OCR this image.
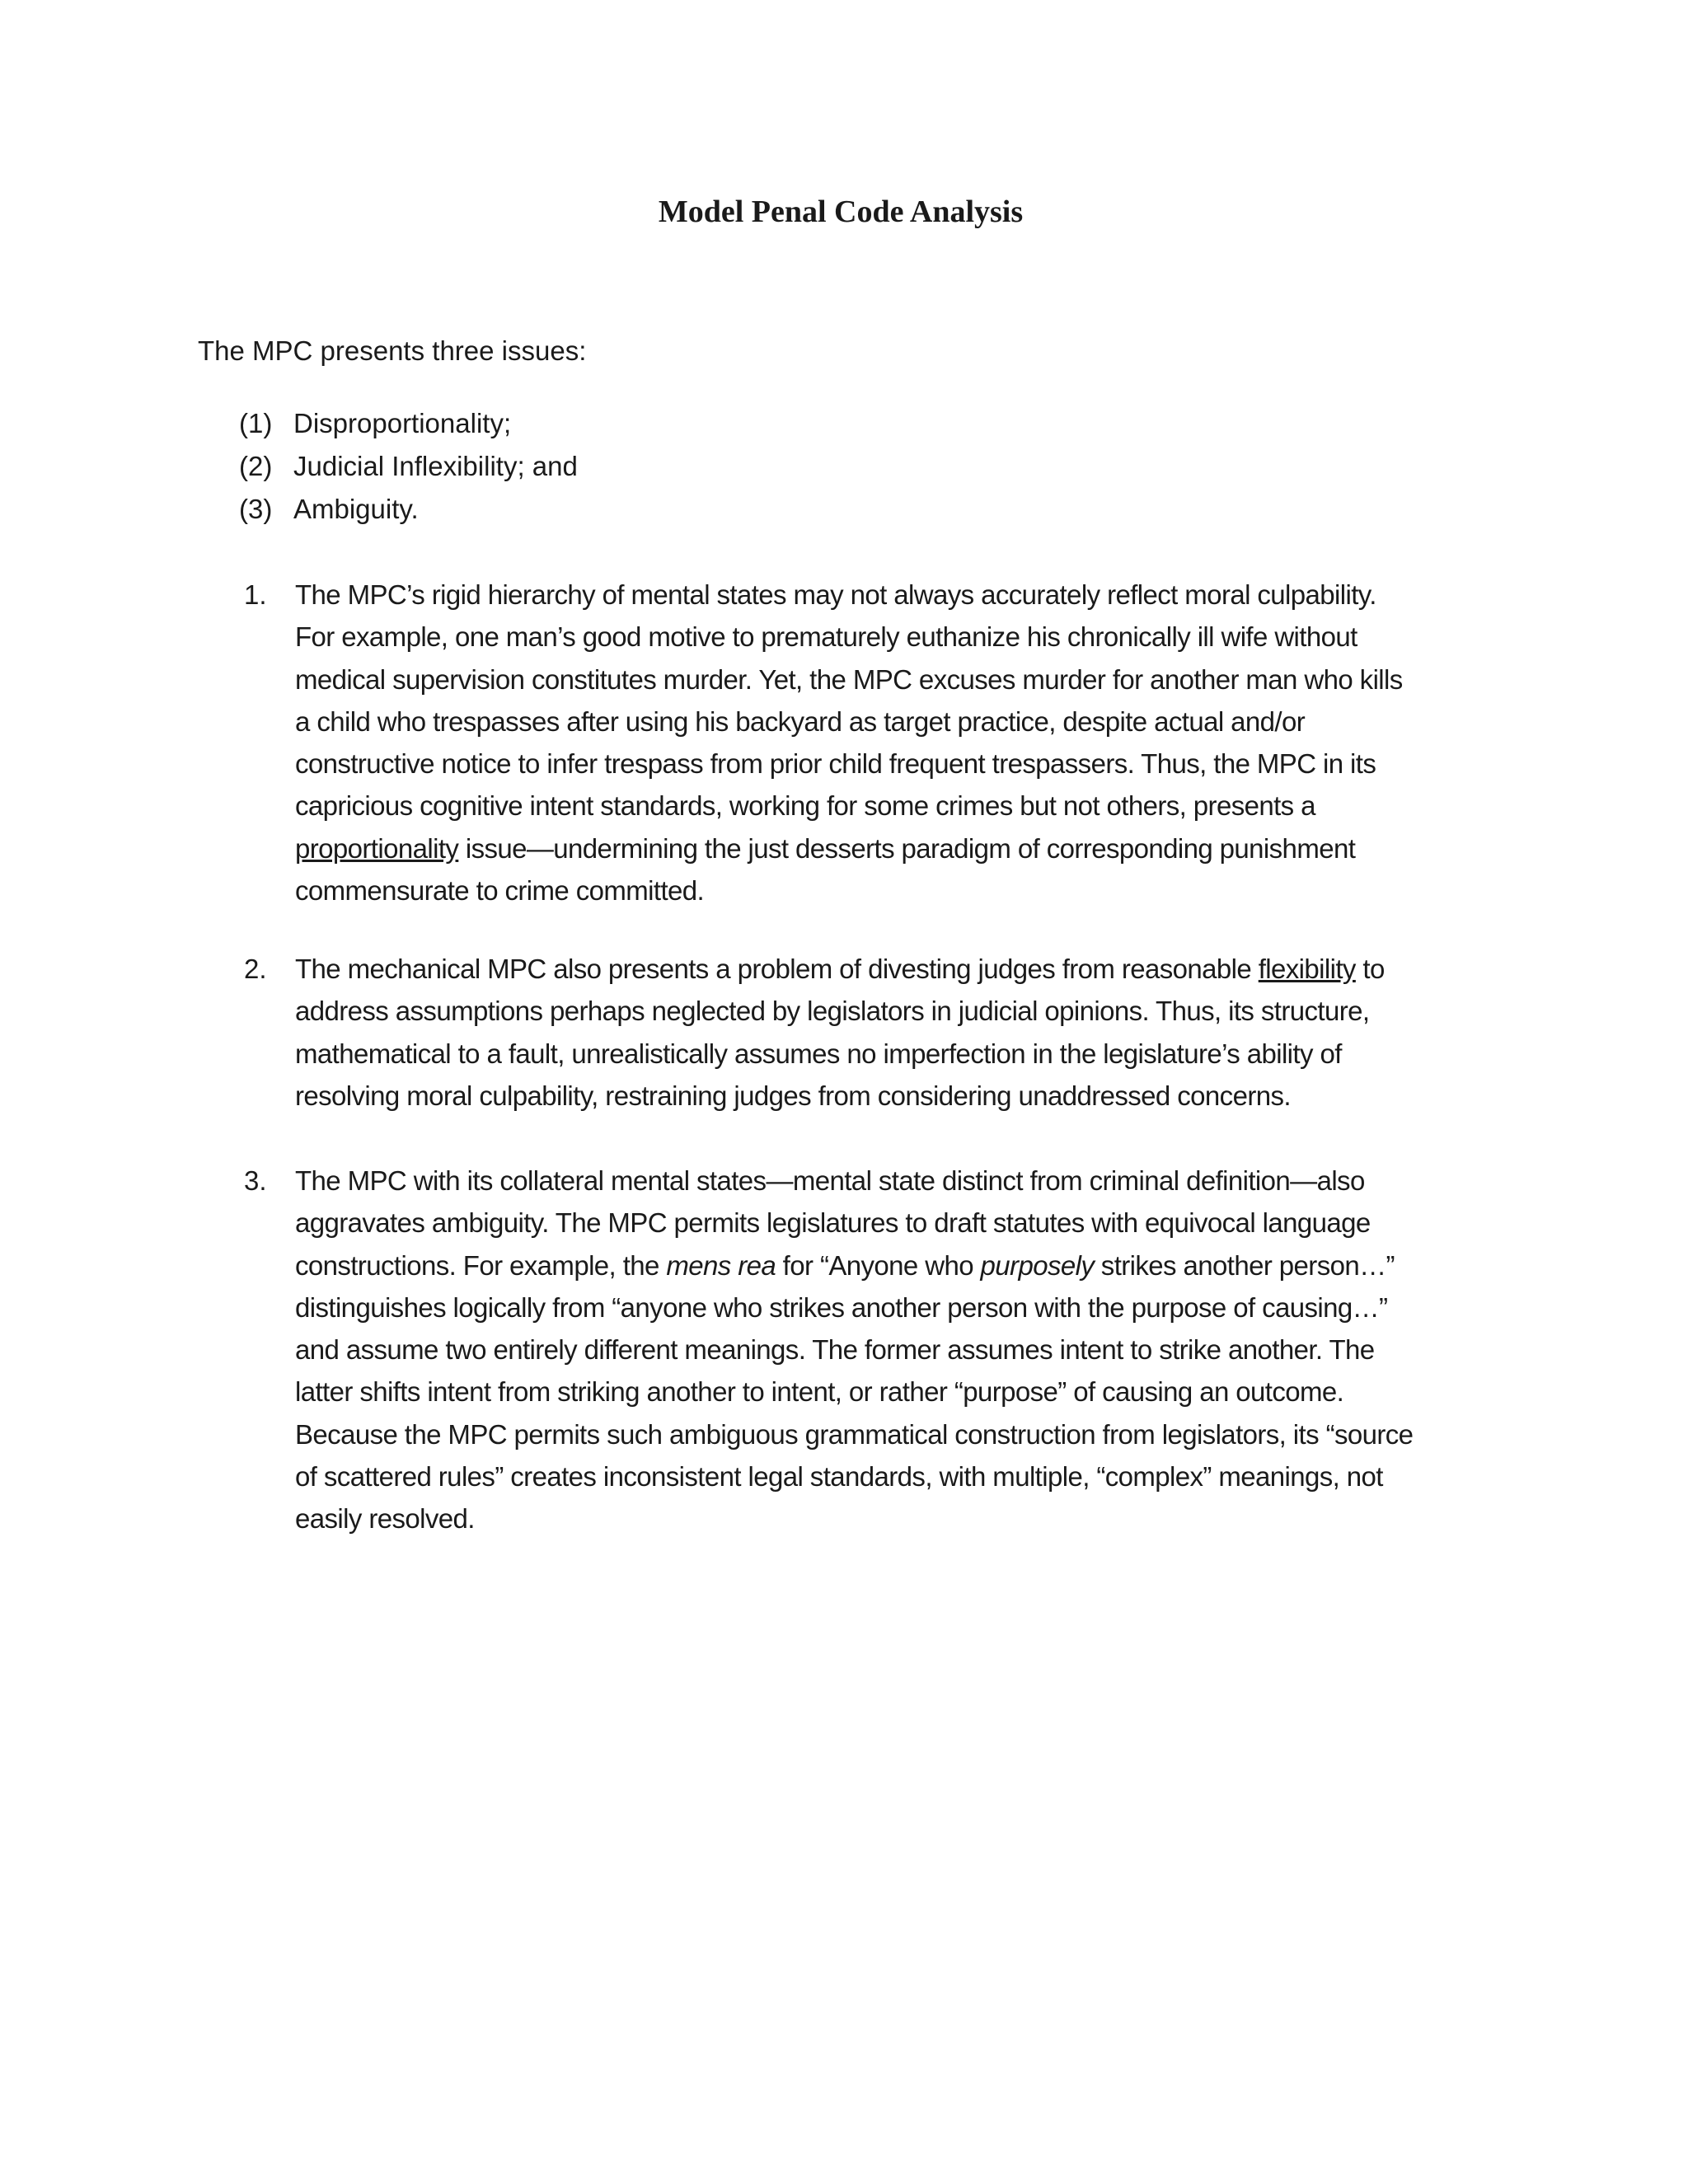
Model Penal Code Analysis
The MPC presents three issues:
(1) Disproportionality;
(2) Judicial Inflexibility; and
(3) Ambiguity.
1. The MPC’s rigid hierarchy of mental states may not always accurately reflect moral culpability.
For example, one man’s good motive to prematurely euthanize his chronically ill wife without
medical supervision constitutes murder. Yet, the MPC excuses murder for another man who kills
a child who trespasses after using his backyard as target practice, despite actual and/or
constructive notice to infer trespass from prior child frequent trespassers. Thus, the MPC in its
capricious cognitive intent standards, working for some crimes but not others, presents a
proportionality issue—undermining the just desserts paradigm of corresponding punishment
commensurate to crime committed.
2. The mechanical MPC also presents a problem of divesting judges from reasonable flexibility to
address assumptions perhaps neglected by legislators in judicial opinions. Thus, its structure,
mathematical to a fault, unrealistically assumes no imperfection in the legislature’s ability of
resolving moral culpability, restraining judges from considering unaddressed concerns.
3. The MPC with its collateral mental states—mental state distinct from criminal definition—also
aggravates ambiguity. The MPC permits legislatures to draft statutes with equivocal language
constructions. For example, the mens rea for “Anyone who purposely strikes another person…”
distinguishes logically from “anyone who strikes another person with the purpose of causing…”
and assume two entirely different meanings. The former assumes intent to strike another. The
latter shifts intent from striking another to intent, or rather “purpose” of causing an outcome.
Because the MPC permits such ambiguous grammatical construction from legislators, its “source
of scattered rules” creates inconsistent legal standards, with multiple, “complex” meanings, not
easily resolved.
